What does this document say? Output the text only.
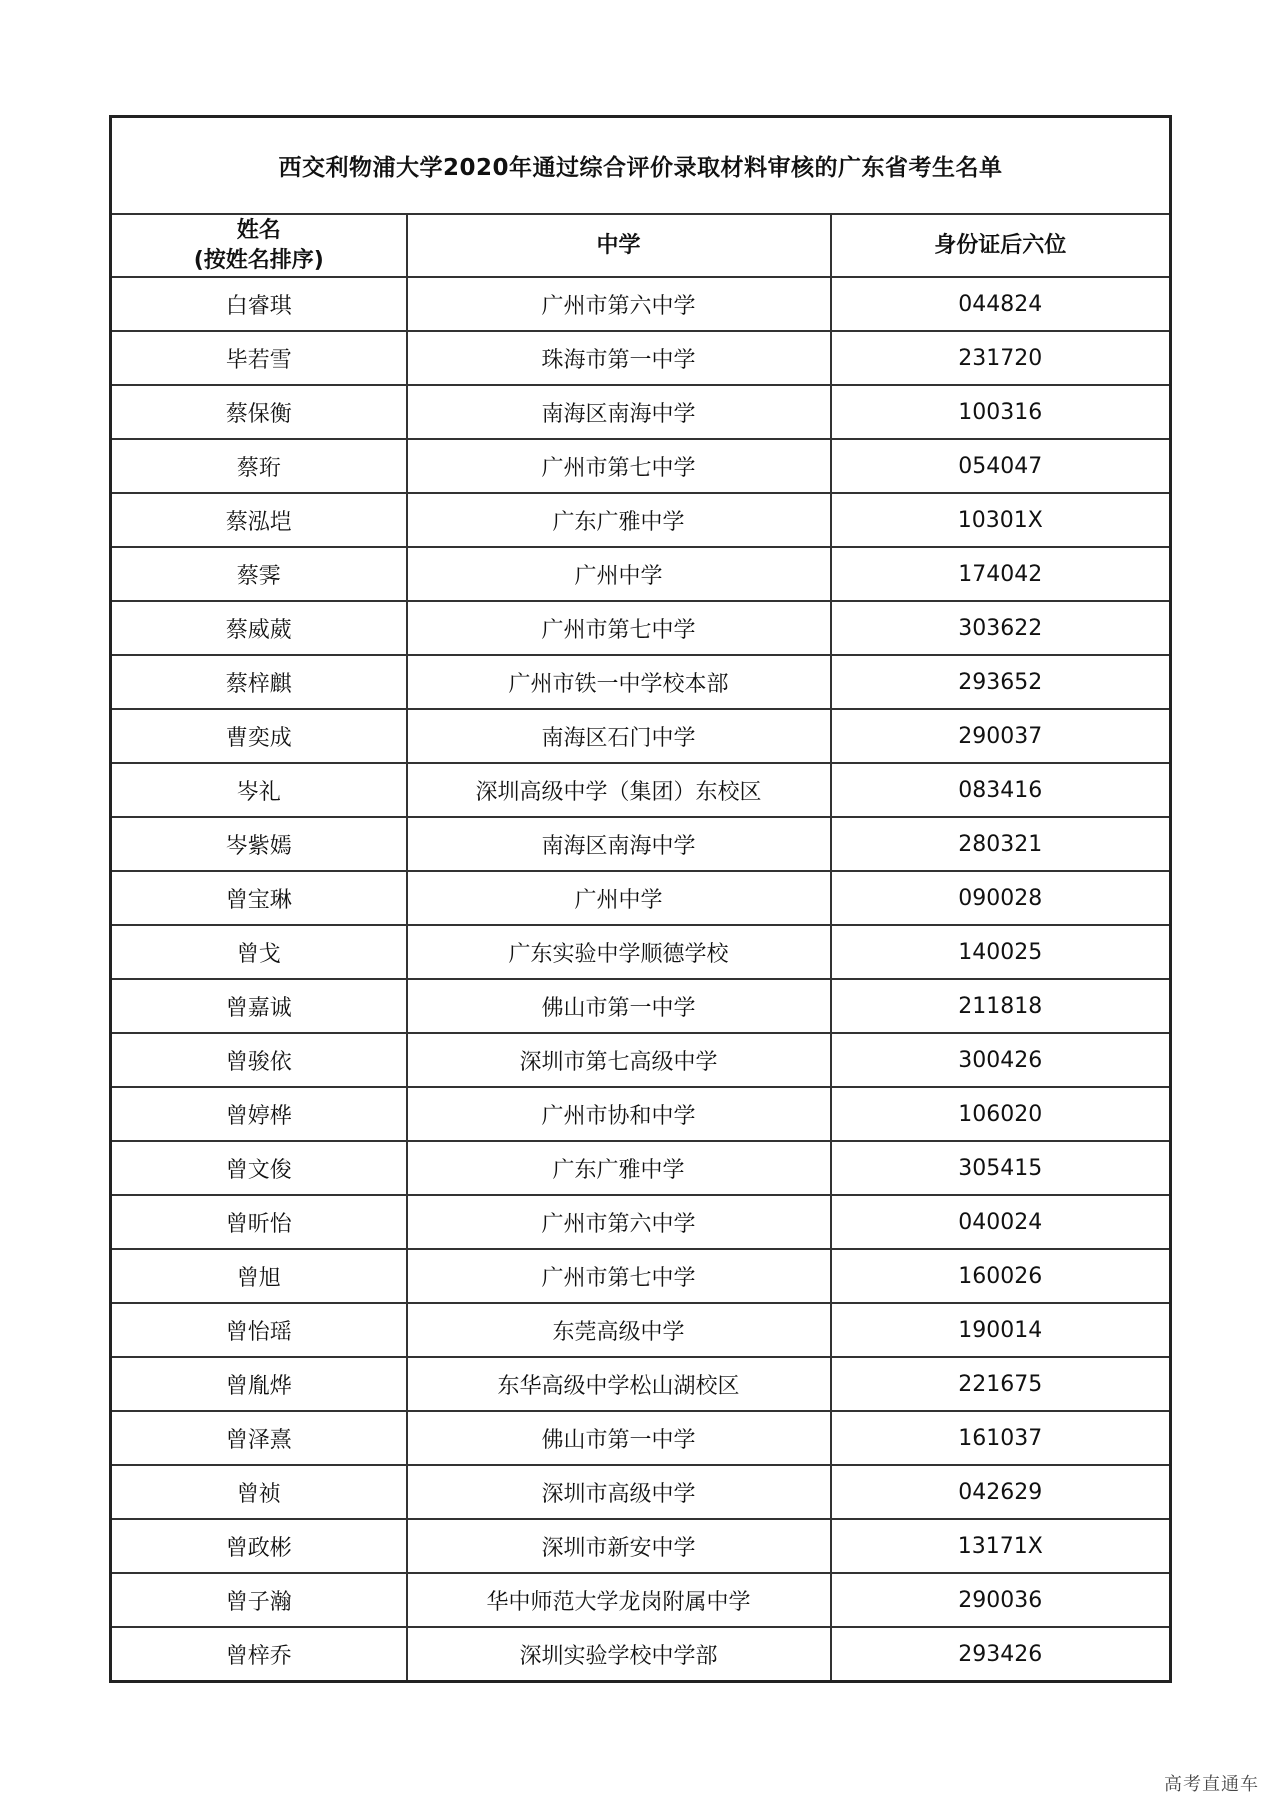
西交利物浦大学2020年通过综合评价录取材料审核的广东省考生名单		

姓名
(按姓名排序)	中学	身份证后六位
白睿琪	广州市第六中学	044824
毕若雪	珠海市第一中学	231720
蔡保衡	南海区南海中学	100316
蔡珩	广州市第七中学	054047
蔡泓垲	广东广雅中学	10301X
蔡霁	广州中学	174042
蔡威葳	广州市第七中学	303622
蔡梓麒	广州市铁一中学校本部	293652
曹奕成	南海区石门中学	290037
岑礼	深圳高级中学（集团）东校区	083416
岑紫嫣	南海区南海中学	280321
曾宝琳	广州中学	090028
曾戈	广东实验中学顺德学校	140025
曾嘉诚	佛山市第一中学	211818
曾骏依	深圳市第七高级中学	300426
曾婷桦	广州市协和中学	106020
曾文俊	广东广雅中学	305415
曾昕怡	广州市第六中学	040024
曾旭	广州市第七中学	160026
曾怡瑶	东莞高级中学	190014
曾胤烨	东华高级中学松山湖校区	221675
曾泽熹	佛山市第一中学	161037
曾祯	深圳市高级中学	042629
曾政彬	深圳市新安中学	13171X
曾子瀚	华中师范大学龙岗附属中学	290036
曾梓乔	深圳实验学校中学部	293426
高考直通车
